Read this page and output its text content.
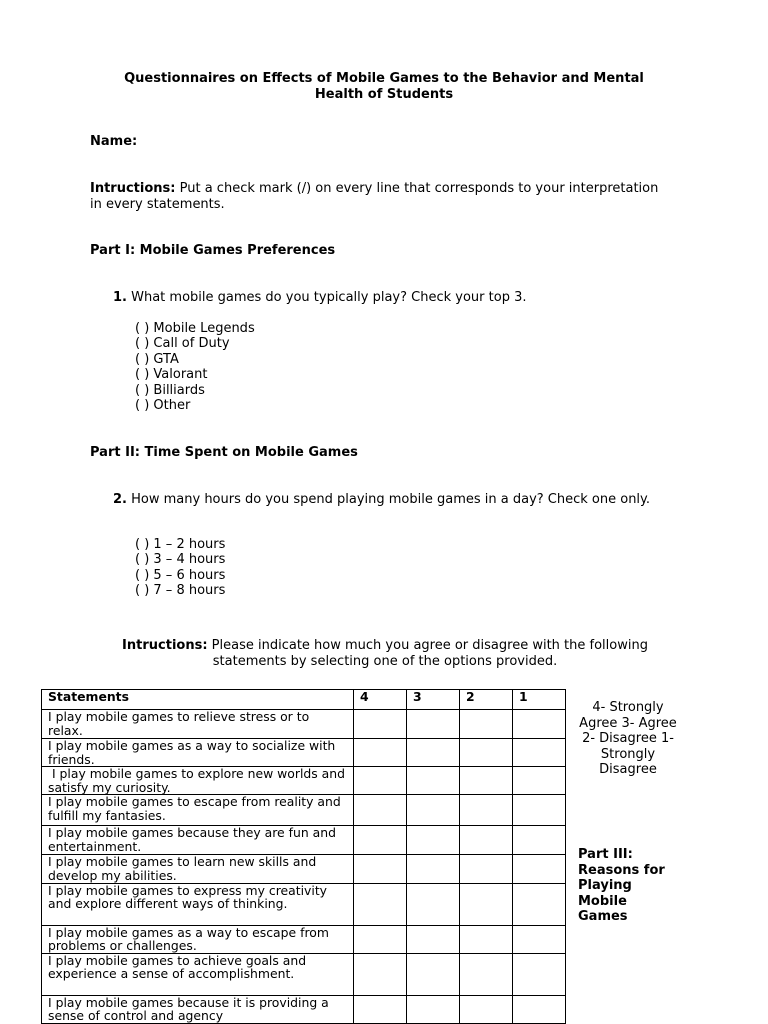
Questionnaires on Effects of Mobile Games to the Behavior and Mental Health of Students
Name:
Intructions: Put a check mark (/) on every line that corresponds to your interpretation in every statements.
Part I: Mobile Games Preferences
1. What mobile games do you typically play? Check your top 3.
( ) Mobile Legends
( ) Call of Duty
( ) GTA
( ) Valorant
( ) Billiards
( ) Other
Part II: Time Spent on Mobile Games
2. How many hours do you spend playing mobile games in a day? Check one only.
( ) 1 – 2 hours
( ) 3 – 4 hours
( ) 5 – 6 hours
( ) 7 – 8 hours
Intructions: Please indicate how much you agree or disagree with the following statements by selecting one of the options provided.
Statements	4	3	2	1
I play mobile games to relieve stress or to relax.				
I play mobile games as a way to socialize with friends.				
I play mobile games to explore new worlds and satisfy my curiosity.				
I play mobile games to escape from reality and fulfill my fantasies.				
I play mobile games because they are fun and entertainment.				
I play mobile games to learn new skills and develop my abilities.				
I play mobile games to express my creativity and explore different ways of thinking.				
I play mobile games as a way to escape from problems or challenges.				
I play mobile games to achieve goals and experience a sense of accomplishment.				
I play mobile games because it is providing a sense of control and agency				
4- Strongly Agree 3- Agree 2- Disagree 1- Strongly Disagree
Part III: Reasons for Playing Mobile Games
